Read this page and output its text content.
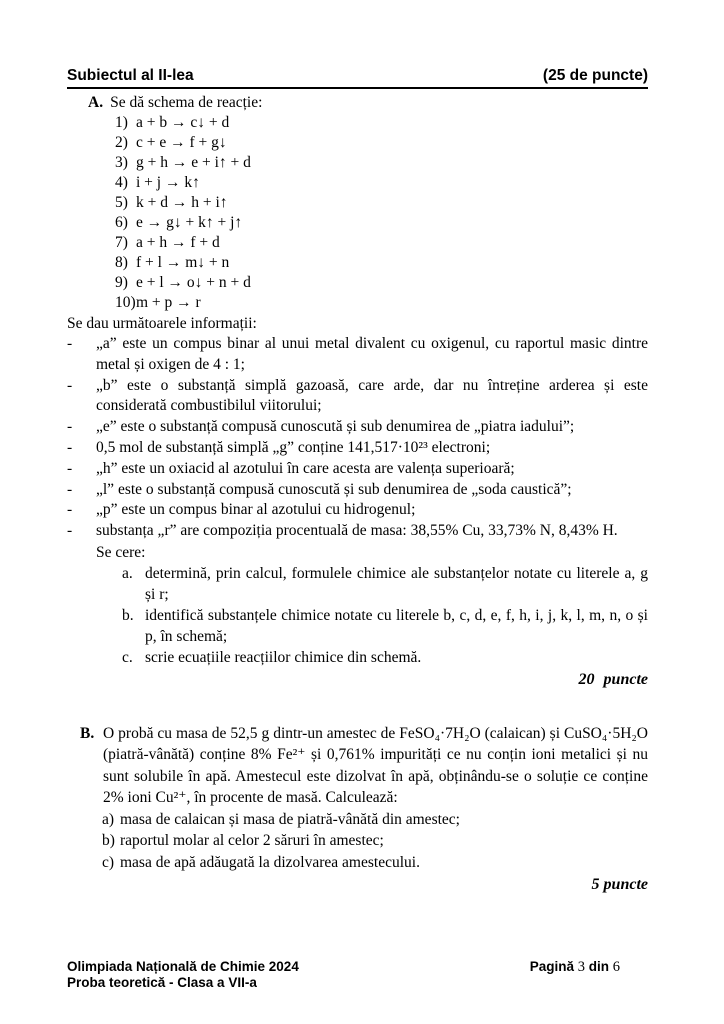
Subiectul al II-lea	(25 de puncte)
A. Se dă schema de reacție:
1) a + b → c↓ + d
2) c + e → f + g↓
3) g + h → e + i↑ + d
4) i + j → k↑
5) k + d → h + i↑
6) e → g↓ + k↑ + j↑
7) a + h → f + d
8) f + l → m↓ + n
9) e + l → o↓ + n + d
10) m + p → r
Se dau următoarele informații:
-	„a” este un compus binar al unui metal divalent cu oxigenul, cu raportul masic dintre metal și oxigen de 4 : 1;
-	„b” este o substanță simplă gazoasă, care arde, dar nu întreține arderea și este considerată combustibilul viitorului;
-	„e” este o substanță compusă cunoscută și sub denumirea de „piatra iadului”;
-	0,5 mol de substanță simplă „g” conține 141,517·10²³ electroni;
-	„h” este un oxiacid al azotului în care acesta are valența superioară;
-	„l” este o substanță compusă cunoscută și sub denumirea de „soda caustică”;
-	„p” este un compus binar al azotului cu hidrogenul;
-	substanța „r” are compoziția procentuală de masa: 38,55% Cu, 33,73% N, 8,43% H.
Se cere:
a. determină, prin calcul, formulele chimice ale substanțelor notate cu literele a, g și r;
b. identifică substanțele chimice notate cu literele b, c, d, e, f, h, i, j, k, l, m, n, o și p, în schemă;
c. scrie ecuațiile reacțiilor chimice din schemă.
20 puncte
B. O probă cu masa de 52,5 g dintr-un amestec de FeSO₄·7H₂O (calaican) și CuSO₄·5H₂O (piatră-vânătă) conține 8% Fe²⁺ și 0,761% impurități ce nu conțin ioni metalici și nu sunt solubile în apă. Amestecul este dizolvat în apă, obținându-se o soluție ce conține 2% ioni Cu²⁺, în procente de masă. Calculează:
a) masa de calaican și masa de piatră-vânătă din amestec;
b) raportul molar al celor 2 săruri în amestec;
c) masa de apă adăugată la dizolvarea amestecului.
5 puncte
Olimpiada Națională de Chimie 2024
Proba teoretică - Clasa a VII-a
Pagină 3 din 6
